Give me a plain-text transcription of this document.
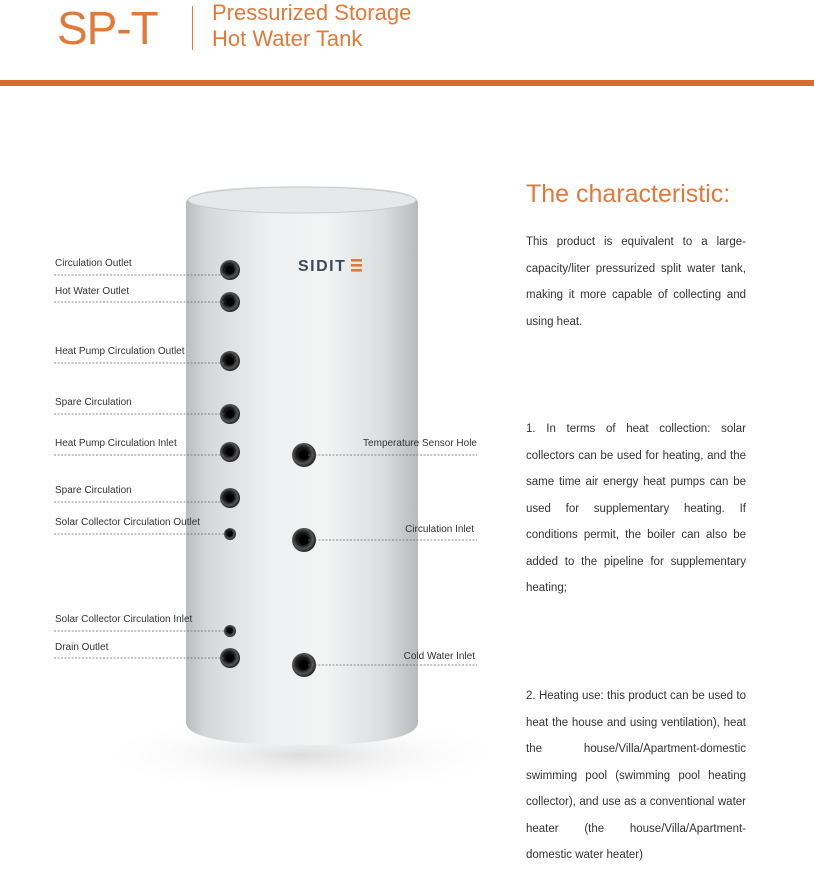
SP-T Pressurized Storage
Hot Water Tank
SIDIT
Circulation Outlet
Hot Water Outlet
Heat Pump Circulation Outlet
Spare Circulation
Heat Pump Circulation Inlet
Spare Circulation
Solar Collector Circulation Outlet
Solar Collector Circulation Inlet
Drain Outlet
Temperature Sensor Hole
Circulation Inlet
Cold Water Inlet
The characteristic:
This product is equivalent to a large-capacity/liter pressurized split water tank, making it more capable of collecting and using heat.
1. In terms of heat collection: solar collectors can be used for heating, and the same time air energy heat pumps can be used for supplementary heating. If conditions permit, the boiler can also be added to the pipeline for supplementary heating;
2. Heating use: this product can be used to heat the house and using ventilation), heat the house/Villa/Apartment-domestic swimming pool (swimming pool heating collector), and use as a conventional water heater (the house/Villa/Apartment-domestic water heater)
